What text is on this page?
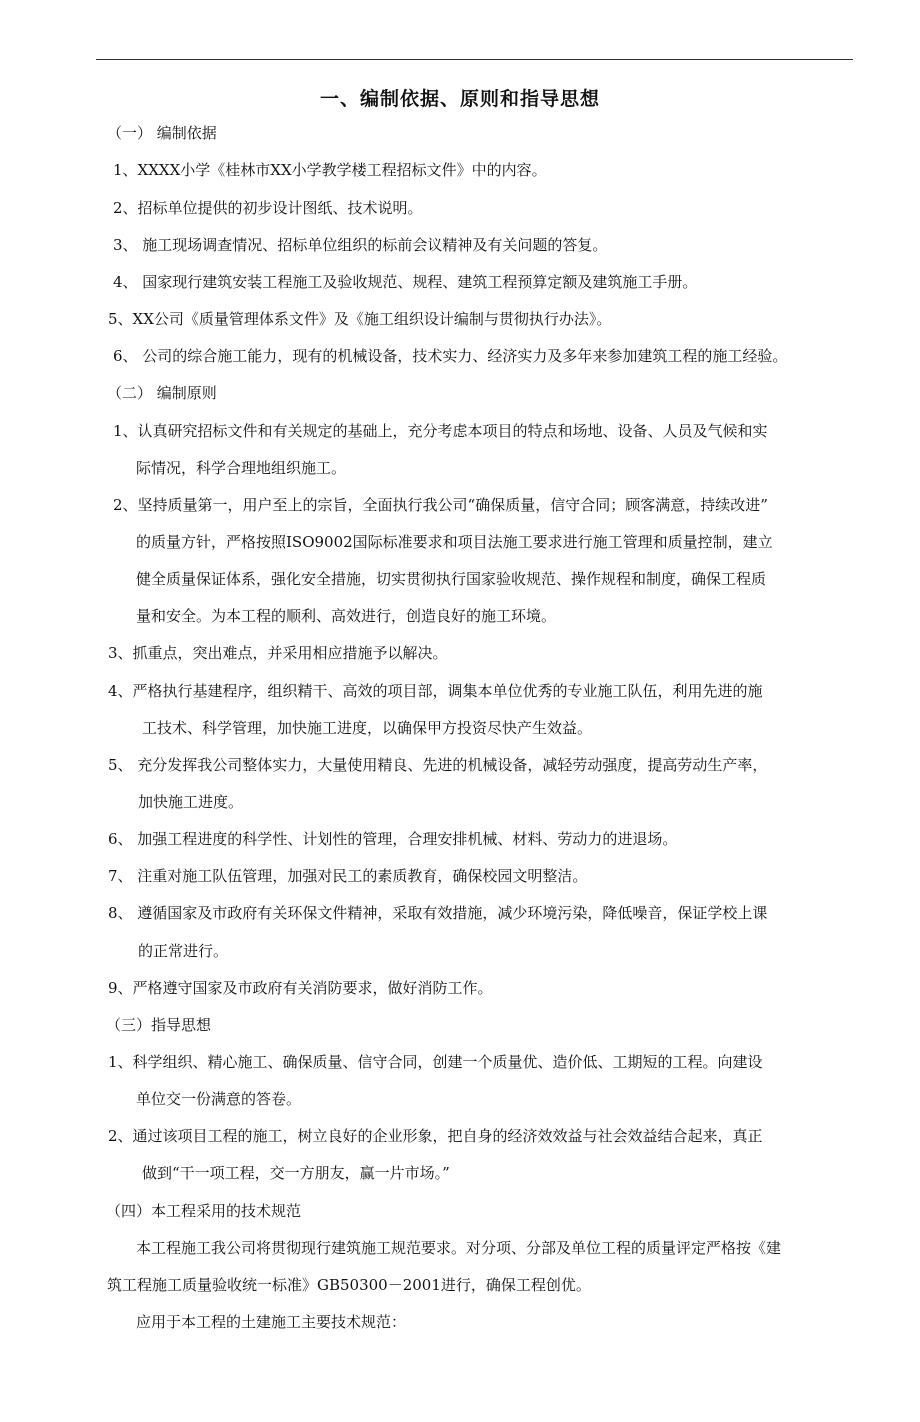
一、编制依据、原则和指导思想
（一） 编制依据
1、XXXX小学《桂林市XX小学教学楼工程招标文件》中的内容。
2、招标单位提供的初步设计图纸、技术说明。
3、 施工现场调查情况、招标单位组织的标前会议精神及有关问题的答复。
4、 国家现行建筑安装工程施工及验收规范、规程、建筑工程预算定额及建筑施工手册。
5、XX公司《质量管理体系文件》及《施工组织设计编制与贯彻执行办法》。
6、 公司的综合施工能力，现有的机械设备，技术实力、经济实力及多年来参加建筑工程的施工经验。
（二） 编制原则
1、认真研究招标文件和有关规定的基础上，充分考虑本项目的特点和场地、设备、人员及气候和实
际情况，科学合理地组织施工。
2、坚持质量第一，用户至上的宗旨，全面执行我公司“确保质量，信守合同；顾客满意，持续改进”
的质量方针，严格按照ISO9002国际标准要求和项目法施工要求进行施工管理和质量控制，建立
健全质量保证体系，强化安全措施，切实贯彻执行国家验收规范、操作规程和制度，确保工程质
量和安全。为本工程的顺利、高效进行，创造良好的施工环境。
3、抓重点，突出难点，并采用相应措施予以解决。
4、严格执行基建程序，组织精干、高效的项目部，调集本单位优秀的专业施工队伍，利用先进的施
工技术、科学管理，加快施工进度，以确保甲方投资尽快产生效益。
5、 充分发挥我公司整体实力，大量使用精良、先进的机械设备，减轻劳动强度，提高劳动生产率，
加快施工进度。
6、 加强工程进度的科学性、计划性的管理，合理安排机械、材料、劳动力的进退场。
7、 注重对施工队伍管理，加强对民工的素质教育，确保校园文明整洁。
8、 遵循国家及市政府有关环保文件精神，采取有效措施，减少环境污染，降低噪音，保证学校上课
的正常进行。
9、严格遵守国家及市政府有关消防要求，做好消防工作。
（三）指导思想
1、科学组织、精心施工、确保质量、信守合同，创建一个质量优、造价低、工期短的工程。向建设
单位交一份满意的答卷。
2、通过该项目工程的施工，树立良好的企业形象，把自身的经济效效益与社会效益结合起来，真正
做到“干一项工程，交一方朋友，赢一片市场。”
（四）本工程采用的技术规范
本工程施工我公司将贯彻现行建筑施工规范要求。对分项、分部及单位工程的质量评定严格按《建
筑工程施工质量验收统一标准》GB50300－2001进行，确保工程创优。
应用于本工程的土建施工主要技术规范：
